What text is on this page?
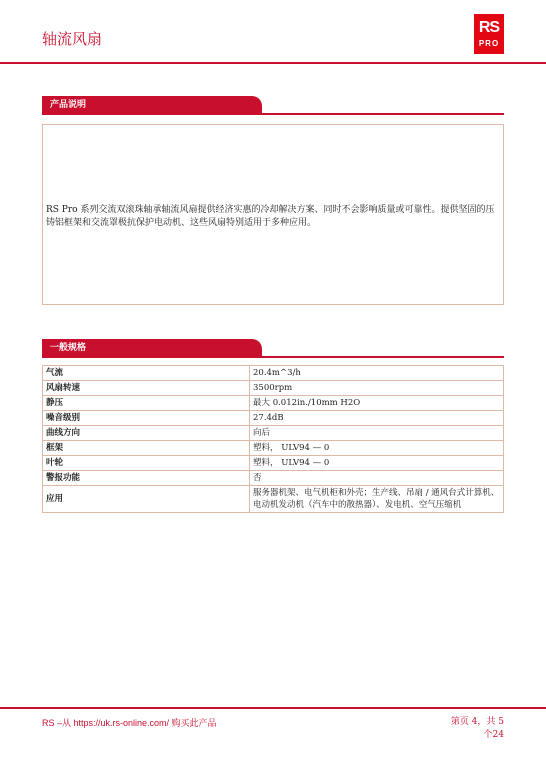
轴流风扇
RS
PRO
产品说明
RS Pro 系列交流双滚珠轴承轴流风扇提供经济实惠的冷却解决方案、同时不会影响质量或可靠性。提供坚固的压铸铝框架和交流罩极抗保护电动机、这些风扇特别适用于多种应用。
一般规格
气流	20.4m^3/h
风扇转速	3500rpm
静压	最大 0.012in./10mm H2O
噪音级别	27.4dB
曲线方向	向后
框架	塑料， ULV94 — 0
叶轮	塑料， ULV94 — 0
警报功能	否
应用	服务器机架、电气机柜和外壳；生产线、吊扇 / 通风台式计算机、电动机发动机（汽车中的散热器）、发电机、空气压缩机
RS –从 https://uk.rs-online.com/ 购买此产品	第页 4，共 5
个24
